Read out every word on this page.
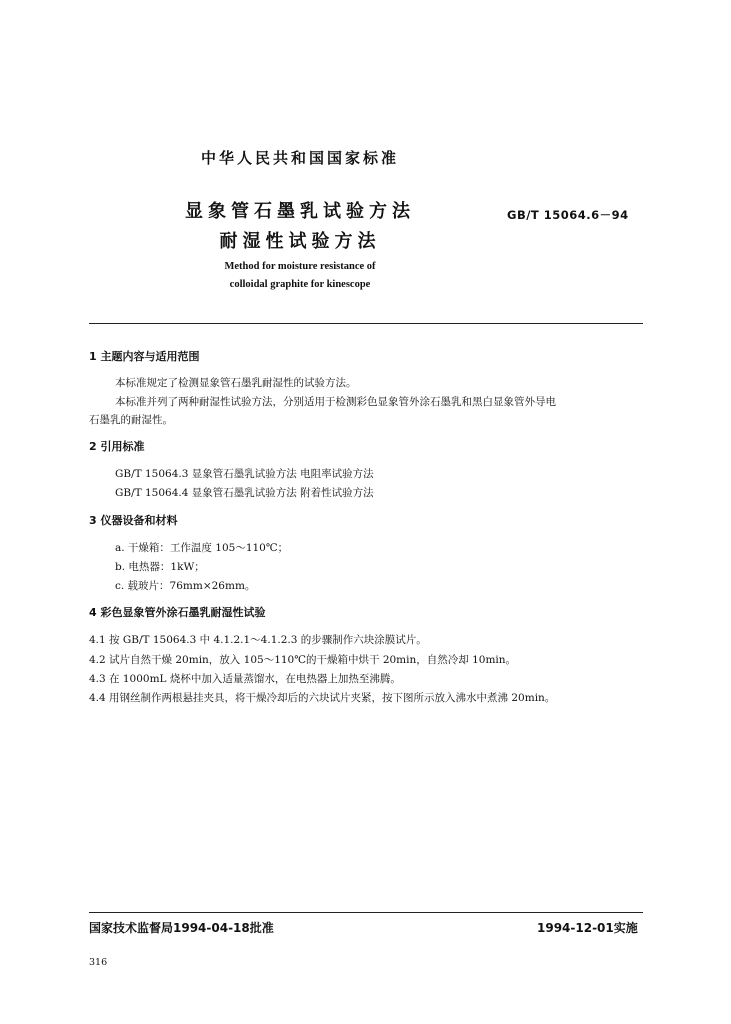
中华人民共和国国家标准
显象管石墨乳试验方法
耐湿性试验方法
GB/T 15064.6－94
Method for moisture resistance of
colloidal graphite for kinescope
1 主题内容与适用范围
本标准规定了检测显象管石墨乳耐湿性的试验方法。
本标准并列了两种耐湿性试验方法，分别适用于检测彩色显象管外涂石墨乳和黑白显象管外导电
石墨乳的耐湿性。
2 引用标准
GB/T 15064.3 显象管石墨乳试验方法 电阻率试验方法
GB/T 15064.4 显象管石墨乳试验方法 附着性试验方法
3 仪器设备和材料
a. 干燥箱：工作温度 105～110℃；
b. 电热器：1kW；
c. 载玻片：76mm×26mm。
4 彩色显象管外涂石墨乳耐湿性试验
4.1 按 GB/T 15064.3 中 4.1.2.1～4.1.2.3 的步骤制作六块涂膜试片。
4.2 试片自然干燥 20min，放入 105～110℃的干燥箱中烘干 20min，自然冷却 10min。
4.3 在 1000mL 烧杯中加入适量蒸馏水，在电热器上加热至沸腾。
4.4 用钢丝制作两根悬挂夹具，将干燥冷却后的六块试片夹紧，按下图所示放入沸水中煮沸 20min。
国家技术监督局1994-04-18批准	1994-12-01实施
316
